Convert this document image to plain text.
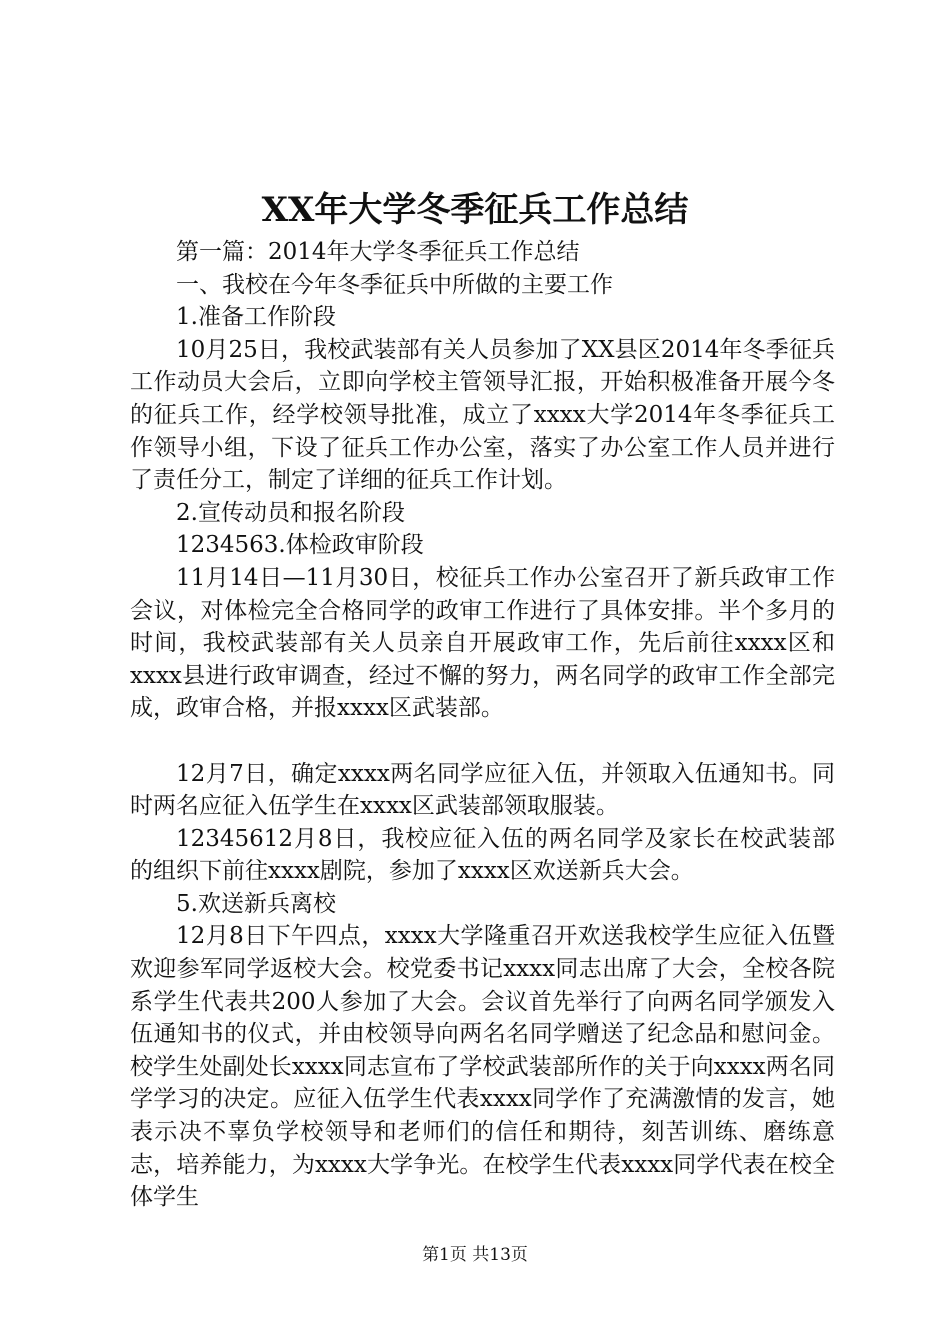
XX年大学冬季征兵工作总结

第一篇：2014年大学冬季征兵工作总结

一、我校在今年冬季征兵中所做的主要工作

1.准备工作阶段

10月25日，我校武装部有关人员参加了XX县区2014年冬季征兵工作动员大会后，立即向学校主管领导汇报，开始积极准备开展今冬的征兵工作，经学校领导批准，成立了xxxx大学2014年冬季征兵工作领导小组，下设了征兵工作办公室，落实了办公室工作人员并进行了责任分工，制定了详细的征兵工作计划。

2.宣传动员和报名阶段

1234563.体检政审阶段

11月14日—11月30日，校征兵工作办公室召开了新兵政审工作会议，对体检完全合格同学的政审工作进行了具体安排。半个多月的时间，我校武装部有关人员亲自开展政审工作，先后前往xxxx区和xxxx县进行政审调查，经过不懈的努力，两名同学的政审工作全部完成，政审合格，并报xxxx区武装部。

12月7日，确定xxxx两名同学应征入伍，并领取入伍通知书。同时两名应征入伍学生在xxxx区武装部领取服装。

12345612月8日，我校应征入伍的两名同学及家长在校武装部的组织下前往xxxx剧院，参加了xxxx区欢送新兵大会。

5.欢送新兵离校

12月8日下午四点，xxxx大学隆重召开欢送我校学生应征入伍暨欢迎参军同学返校大会。校党委书记xxxx同志出席了大会，全校各院系学生代表共200人参加了大会。会议首先举行了向两名同学颁发入伍通知书的仪式，并由校领导向两名名同学赠送了纪念品和慰问金。校学生处副处长xxxx同志宣布了学校武装部所作的关于向xxxx两名同学学习的决定。应征入伍学生代表xxxx同学作了充满激情的发言，她表示决不辜负学校领导和老师们的信任和期待，刻苦训练、磨练意志，培养能力，为xxxx大学争光。在校学生代表xxxx同学代表在校全体学生

第1页 共13页
